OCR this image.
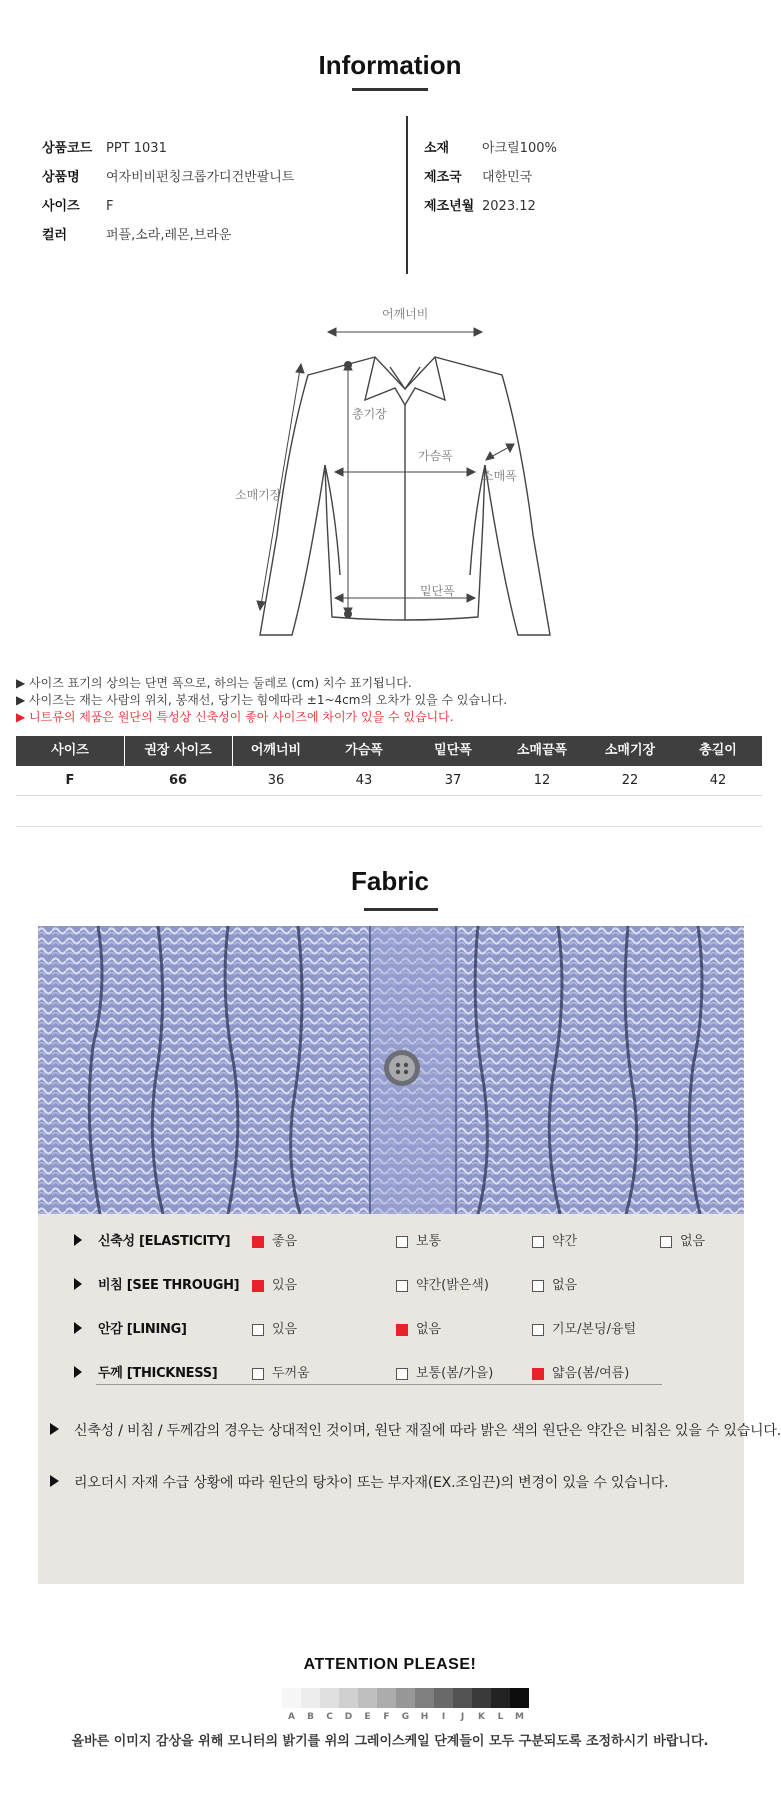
Information
상품코드 PPT 1031
상품명 여자비비펀칭크롭가디건반팔니트
사이즈 F
컬러	퍼플,소라,레몬,브라운
소재	아크릴100%
제조국 대한민국
제조년월 2023.12
어깨너비
총기장
가슴폭
소매폭
소매기장
밑단폭
▶ 사이즈 표기의 상의는 단면 폭으로, 하의는 둘레로 (cm) 치수 표기됩니다.
▶ 사이즈는 재는 사람의 위치, 봉재선, 당기는 힘에따라 ±1~4cm의 오차가 있을 수 있습니다.
▶ 니트류의 제품은 원단의 특성상 신축성이 좋아 사이즈에 차이가 있을 수 있습니다.
사이즈	권장 사이즈	어깨너비	가슴폭	밑단폭	소매끝폭	소매기장	총길이
F	66	36	43	37	12	22	42
Fabric
신축성 [ELASTICITY]	좋음	보통	약간	없음
비침 [SEE THROUGH]	있음	약간(밝은색)	없음
안감 [LINING]	있음	없음	기모/본딩/융털
두께 [THICKNESS]	두꺼움	보통(봄/가을)	얇음(봄/여름)
신축성 / 비침 / 두께감의 경우는 상대적인 것이며, 원단 재질에 따라 밝은 색의 원단은 약간은 비침은 있을 수 있습니다.
리오더시 자재 수급 상황에 따라 원단의 탕차이 또는 부자재(EX.조임끈)의 변경이 있을 수 있습니다.
ATTENTION PLEASE!
A	B	C	D	E	F	G	H	I	J	K	L	M
올바른 이미지 감상을 위해 모니터의 밝기를 위의 그레이스케일 단계들이 모두 구분되도록 조정하시기 바랍니다.
